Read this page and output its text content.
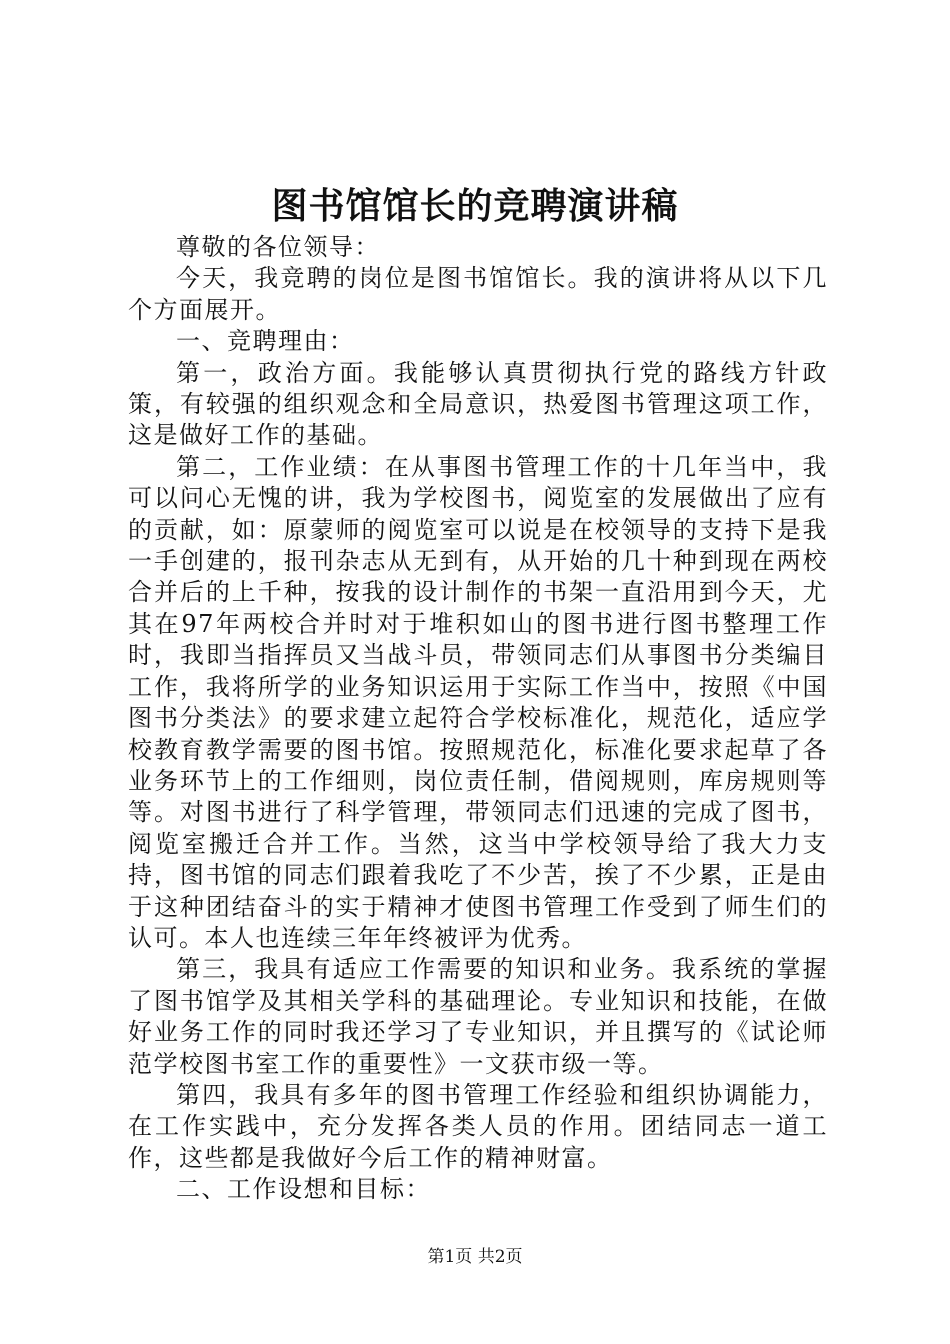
图书馆馆长的竞聘演讲稿

尊敬的各位领导：

今天，我竞聘的岗位是图书馆馆长。我的演讲将从以下几个方面展开。

一、竞聘理由：

第一，政治方面。我能够认真贯彻执行党的路线方针政策，有较强的组织观念和全局意识，热爱图书管理这项工作，这是做好工作的基础。

第二，工作业绩：在从事图书管理工作的十几年当中，我可以问心无愧的讲，我为学校图书，阅览室的发展做出了应有的贡献，如：原蒙师的阅览室可以说是在校领导的支持下是我一手创建的，报刊杂志从无到有，从开始的几十种到现在两校合并后的上千种，按我的设计制作的书架一直沿用到今天，尤其在97年两校合并时对于堆积如山的图书进行图书整理工作时，我即当指挥员又当战斗员，带领同志们从事图书分类编目工作，我将所学的业务知识运用于实际工作当中，按照《中国图书分类法》的要求建立起符合学校标准化，规范化，适应学校教育教学需要的图书馆。按照规范化，标准化要求起草了各业务环节上的工作细则，岗位责任制，借阅规则，库房规则等等。对图书进行了科学管理，带领同志们迅速的完成了图书，阅览室搬迁合并工作。当然，这当中学校领导给了我大力支持，图书馆的同志们跟着我吃了不少苦，挨了不少累，正是由于这种团结奋斗的实于精神才使图书管理工作受到了师生们的认可。本人也连续三年年终被评为优秀。

第三，我具有适应工作需要的知识和业务。我系统的掌握了图书馆学及其相关学科的基础理论。专业知识和技能，在做好业务工作的同时我还学习了专业知识，并且撰写的《试论师范学校图书室工作的重要性》一文获市级一等。

第四，我具有多年的图书管理工作经验和组织协调能力，在工作实践中，充分发挥各类人员的作用。团结同志一道工作，这些都是我做好今后工作的精神财富。

二、工作设想和目标：

第1页 共2页
